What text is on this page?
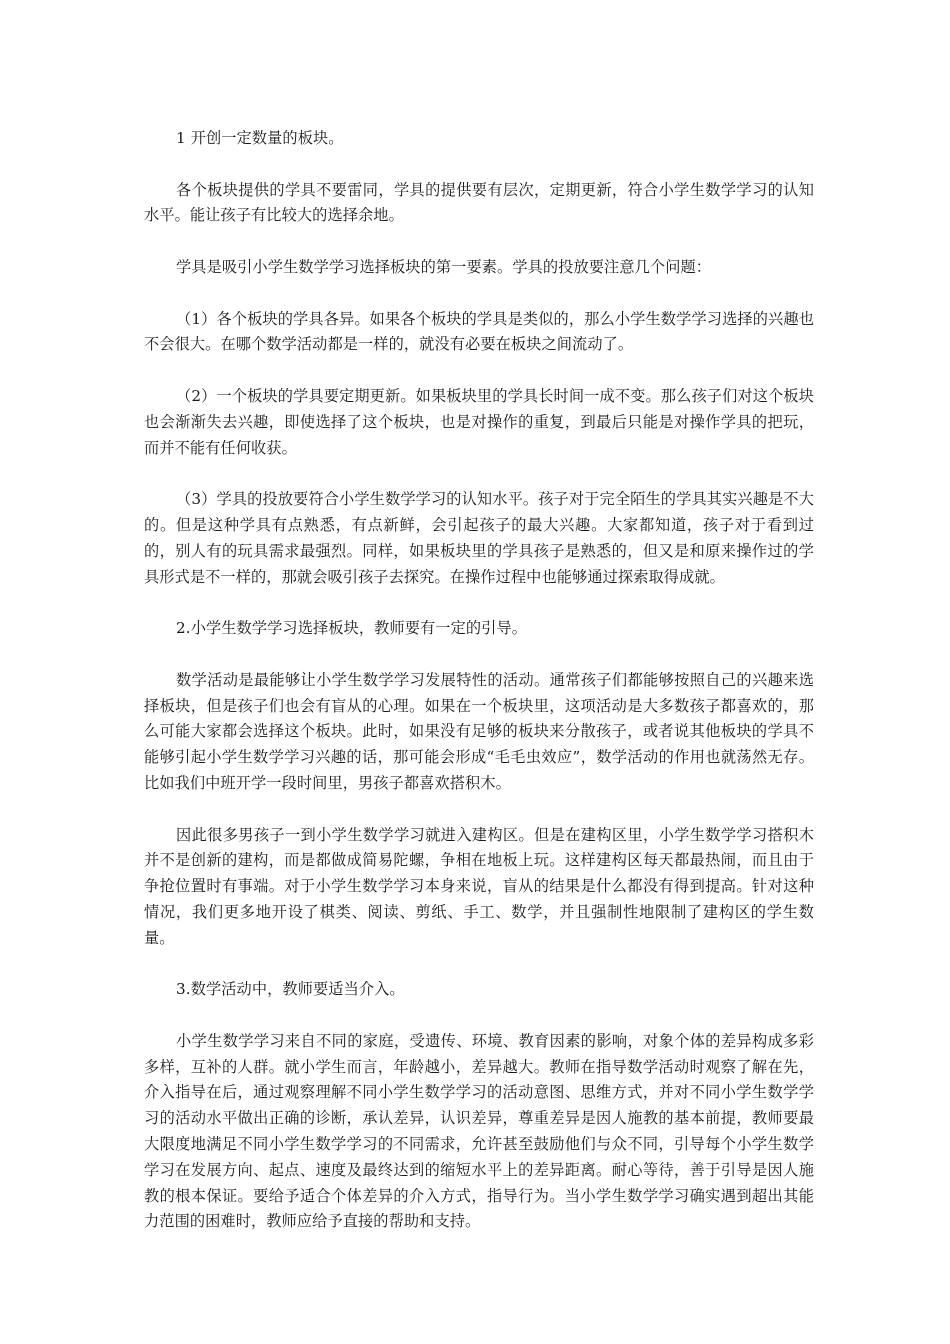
1 开创一定数量的板块。

各个板块提供的学具不要雷同，学具的提供要有层次，定期更新，符合小学生数学学习的认知水平。能让孩子有比较大的选择余地。

学具是吸引小学生数学学习选择板块的第一要素。学具的投放要注意几个问题：

（1）各个板块的学具各异。如果各个板块的学具是类似的，那么小学生数学学习选择的兴趣也不会很大。在哪个数学活动都是一样的，就没有必要在板块之间流动了。

（2）一个板块的学具要定期更新。如果板块里的学具长时间一成不变。那么孩子们对这个板块也会渐渐失去兴趣，即使选择了这个板块，也是对操作的重复，到最后只能是对操作学具的把玩，而并不能有任何收获。

（3）学具的投放要符合小学生数学学习的认知水平。孩子对于完全陌生的学具其实兴趣是不大的。但是这种学具有点熟悉，有点新鲜，会引起孩子的最大兴趣。大家都知道，孩子对于看到过的，别人有的玩具需求最强烈。同样，如果板块里的学具孩子是熟悉的，但又是和原来操作过的学具形式是不一样的，那就会吸引孩子去探究。在操作过程中也能够通过探索取得成就。

2.小学生数学学习选择板块，教师要有一定的引导。

数学活动是最能够让小学生数学学习发展特性的活动。通常孩子们都能够按照自己的兴趣来选择板块，但是孩子们也会有盲从的心理。如果在一个板块里，这项活动是大多数孩子都喜欢的，那么可能大家都会选择这个板块。此时，如果没有足够的板块来分散孩子，或者说其他板块的学具不能够引起小学生数学学习兴趣的话，那可能会形成“毛毛虫效应”，数学活动的作用也就荡然无存。比如我们中班开学一段时间里，男孩子都喜欢搭积木。

因此很多男孩子一到小学生数学学习就进入建构区。但是在建构区里，小学生数学学习搭积木并不是创新的建构，而是都做成简易陀螺，争相在地板上玩。这样建构区每天都最热闹，而且由于争抢位置时有事端。对于小学生数学学习本身来说，盲从的结果是什么都没有得到提高。针对这种情况，我们更多地开设了棋类、阅读、剪纸、手工、数学，并且强制性地限制了建构区的学生数量。

3.数学活动中，教师要适当介入。

小学生数学学习来自不同的家庭，受遗传、环境、教育因素的影响，对象个体的差异构成多彩多样，互补的人群。就小学生而言，年龄越小，差异越大。教师在指导数学活动时观察了解在先，介入指导在后，通过观察理解不同小学生数学学习的活动意图、思维方式，并对不同小学生数学学习的活动水平做出正确的诊断，承认差异，认识差异，尊重差异是因人施教的基本前提，教师要最大限度地满足不同小学生数学学习的不同需求，允许甚至鼓励他们与众不同，引导每个小学生数学学习在发展方向、起点、速度及最终达到的缩短水平上的差异距离。耐心等待，善于引导是因人施教的根本保证。要给予适合个体差异的介入方式，指导行为。当小学生数学学习确实遇到超出其能力范围的困难时，教师应给予直接的帮助和支持。
